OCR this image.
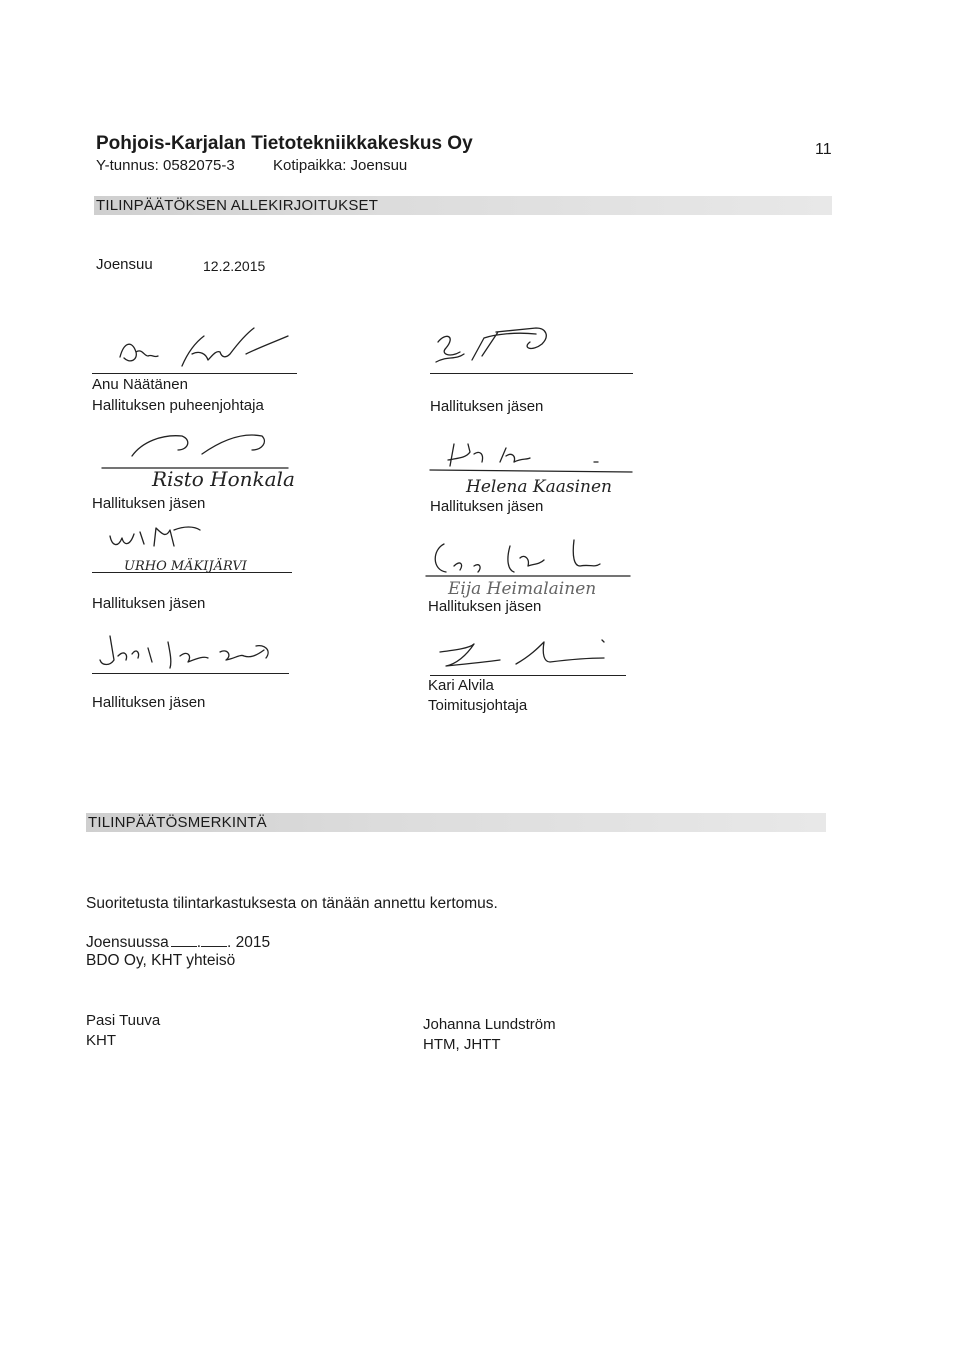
Pohjois-Karjalan Tietotekniikkakeskus Oy
Y-tunnus: 0582075-3	Kotipaikka: Joensuu
11
TILINPÄÄTÖKSEN ALLEKIRJOITUKSET
Joensuu	12.2.2015
Anu Näätänen
Hallituksen puheenjohtaja	Hallituksen jäsen
Risto Honkala
Hallituksen jäsen
Helena Kaasinen
Hallituksen jäsen
URHO MÄKIJÄRVI
Hallituksen jäsen
Eija Heimalainen
Hallituksen jäsen
Hallituksen jäsen
Kari Alvila
Toimitusjohtaja
TILINPÄÄTÖSMERKINTÄ
Suoritetusta tilintarkastuksesta on tänään annettu kertomus.
Joensuussa . . 2015
BDO Oy, KHT yhteisö
Pasi Tuuva
KHT
Johanna Lundström
HTM, JHTT
